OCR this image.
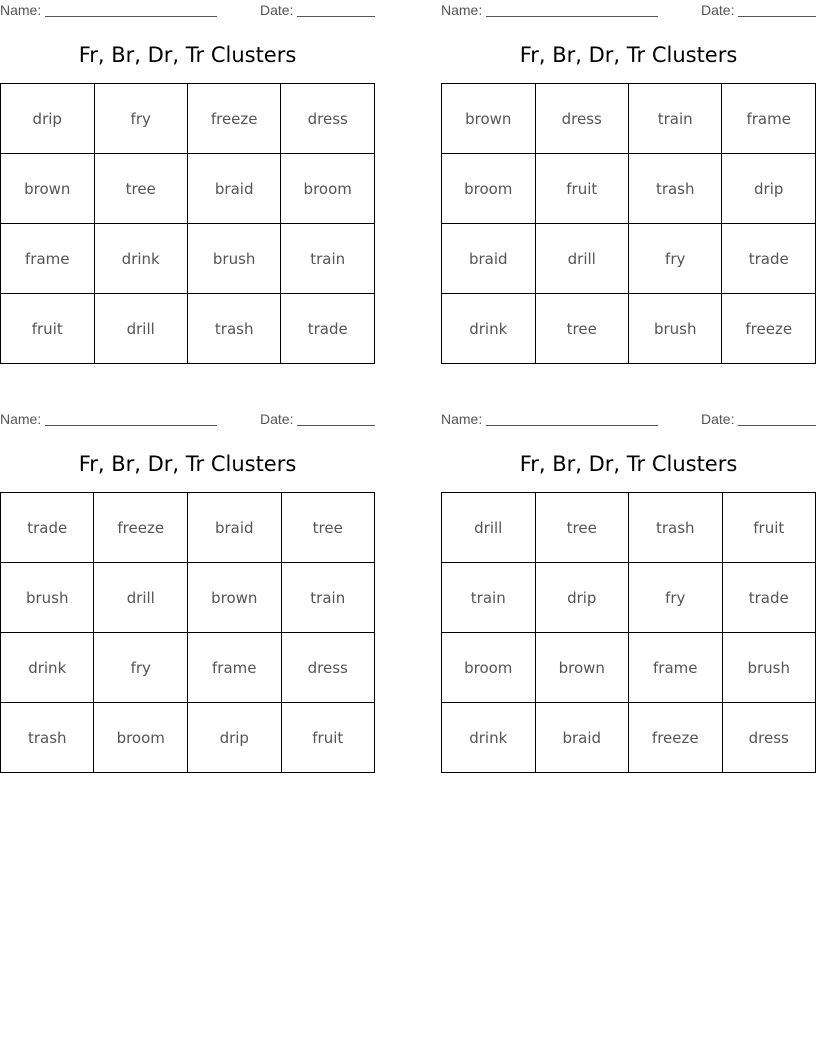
Name:	Date:
Fr, Br, Dr, Tr Clusters
drip	fry	freeze	dress
brown	tree	braid	broom
frame	drink	brush	train
fruit	drill	trash	trade
Name:	Date:
Fr, Br, Dr, Tr Clusters
brown	dress	train	frame
broom	fruit	trash	drip
braid	drill	fry	trade
drink	tree	brush	freeze
Name:	Date:
Fr, Br, Dr, Tr Clusters
trade	freeze	braid	tree
brush	drill	brown	train
drink	fry	frame	dress
trash	broom	drip	fruit
Name:	Date:
Fr, Br, Dr, Tr Clusters
drill	tree	trash	fruit
train	drip	fry	trade
broom	brown	frame	brush
drink	braid	freeze	dress
